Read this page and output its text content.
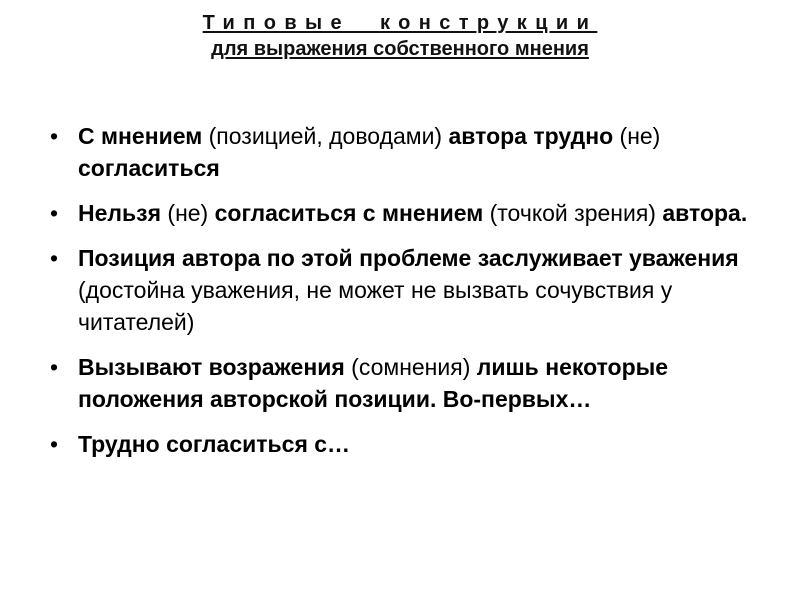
Типовые конструкции
для выражения собственного мнения
• С мнением (позицией, доводами) автора трудно (не) согласиться
• Нельзя (не) согласиться с мнением (точкой зрения) автора.
• Позиция автора по этой проблеме заслуживает уважения (достойна уважения, не может не вызвать сочувствия у читателей)
• Вызывают возражения (сомнения) лишь некоторые положения авторской позиции. Во-первых…
• Трудно согласиться с…
